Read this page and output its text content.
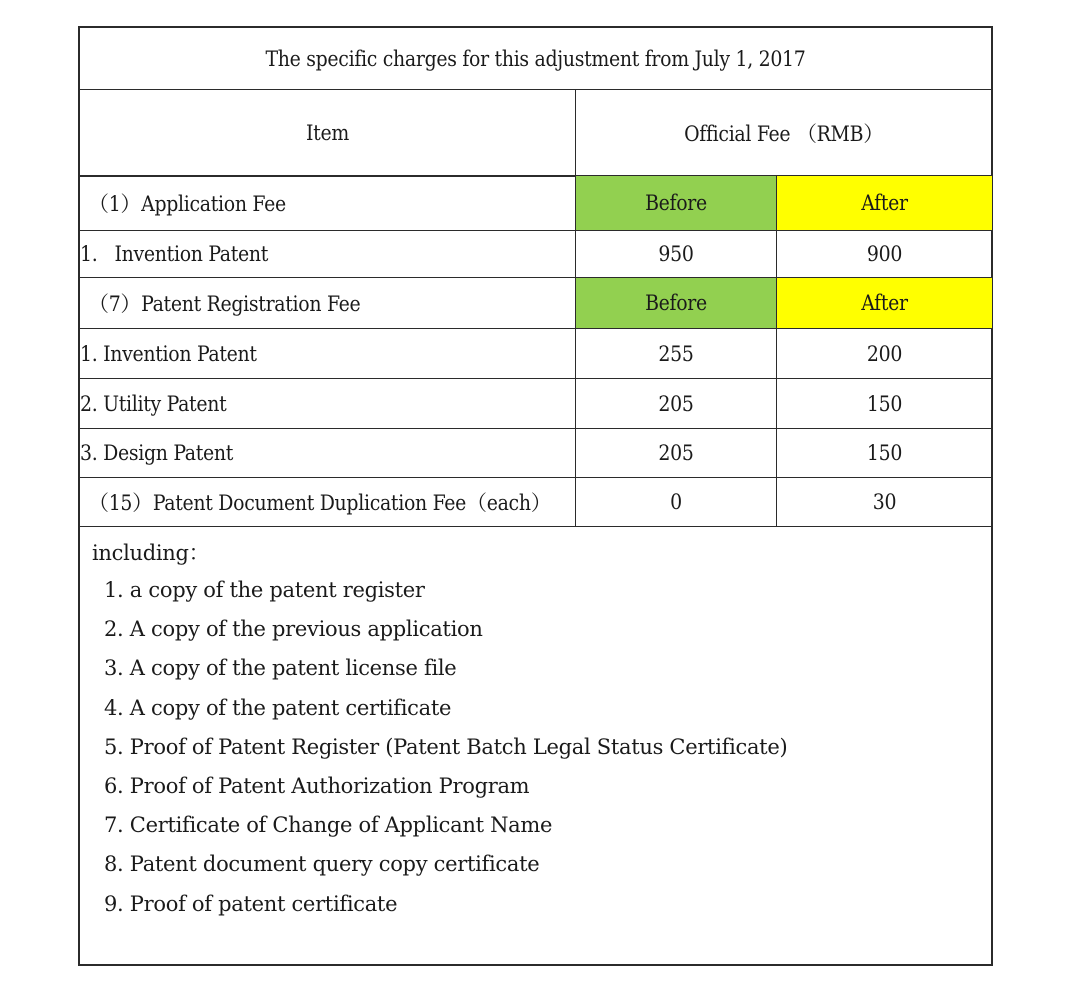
The specific charges for this adjustment from July 1, 2017
Item	Official Fee （RMB）
（1）Application Fee	Before	After
1.   Invention Patent	950	900
（7）Patent Registration Fee	Before	After
1. Invention Patent	255	200
2. Utility Patent	205	150
3. Design Patent	205	150
（15）Patent Document Duplication Fee（each）	0	30
including：
1. a copy of the patent register
2. A copy of the previous application
3. A copy of the patent license file
4. A copy of the patent certificate
5. Proof of Patent Register (Patent Batch Legal Status Certificate)
6. Proof of Patent Authorization Program
7. Certificate of Change of Applicant Name
8. Patent document query copy certificate
9. Proof of patent certificate
